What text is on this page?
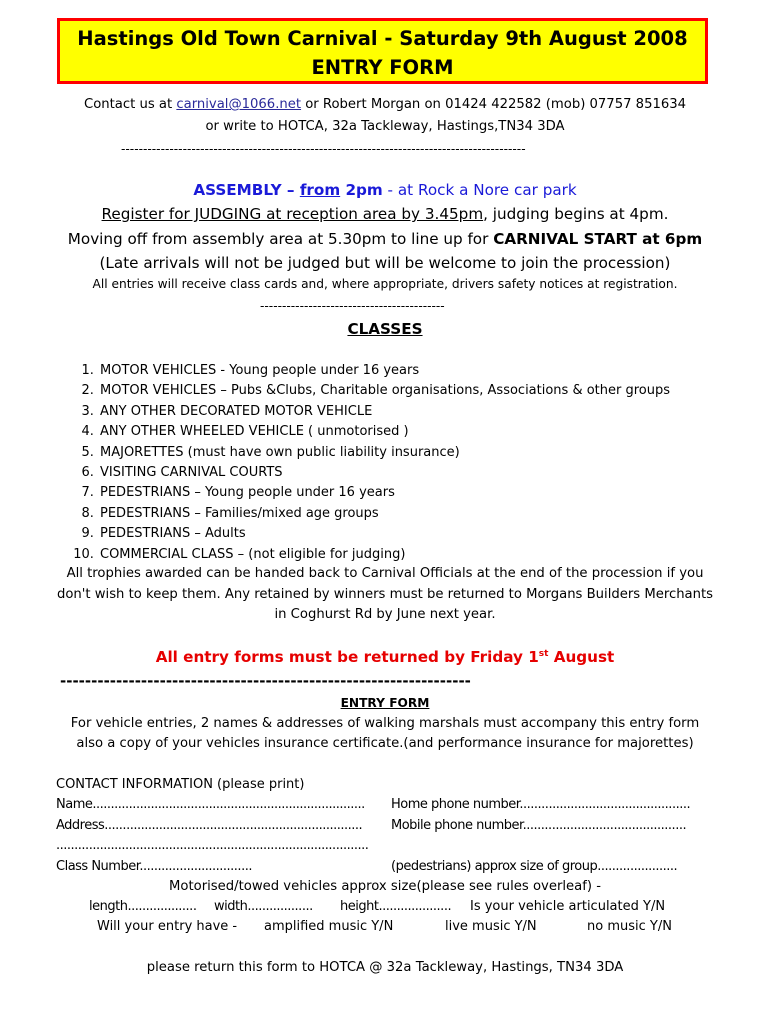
Hastings Old Town Carnival - Saturday 9th August 2008
ENTRY FORM
Contact us at carnival@1066.net or Robert Morgan on 01424 422582 (mob) 07757 851634
or write to HOTCA, 32a Tackleway, Hastings,TN34 3DA
--------------------------------------------------------------------------------------------
ASSEMBLY – from 2pm - at Rock a Nore car park
Register for JUDGING at reception area by 3.45pm, judging begins at 4pm.
Moving off from assembly area at 5.30pm to line up for CARNIVAL START at 6pm
(Late arrivals will not be judged but will be welcome to join the procession)
All entries will receive class cards and, where appropriate, drivers safety notices at registration.
------------------------------------------
CLASSES
1. MOTOR VEHICLES - Young people under 16 years
2. MOTOR VEHICLES – Pubs &Clubs, Charitable organisations, Associations & other groups
3. ANY OTHER DECORATED MOTOR VEHICLE
4. ANY OTHER WHEELED VEHICLE ( unmotorised )
5. MAJORETTES (must have own public liability insurance)
6. VISITING CARNIVAL COURTS
7. PEDESTRIANS – Young people under 16 years
8. PEDESTRIANS – Families/mixed age groups
9. PEDESTRIANS – Adults
10. COMMERCIAL CLASS – (not eligible for judging)
All trophies awarded can be handed back to Carnival Officials at the end of the procession if you
don't wish to keep them. Any retained by winners must be returned to Morgans Builders Merchants
in Coghurst Rd by June next year.
All entry forms must be returned by Friday 1st August
------------------------------------------------------------------
ENTRY FORM
For vehicle entries, 2 names & addresses of walking marshals must accompany this entry form
also a copy of your vehicles insurance certificate.(and performance insurance for majorettes)
CONTACT INFORMATION (please print)
Name........................................................................... Home phone number...............................................
Address....................................................................... Mobile phone number.............................................
......................................................................................
Class Number...............................	(pedestrians) approx size of group......................
Motorised/towed vehicles approx size(please see rules overleaf) -
length................... width.................. height.................... Is your vehicle articulated Y/N
Will your entry have - amplified music Y/N	live music Y/N	no music Y/N
please return this form to HOTCA @ 32a Tackleway, Hastings, TN34 3DA
